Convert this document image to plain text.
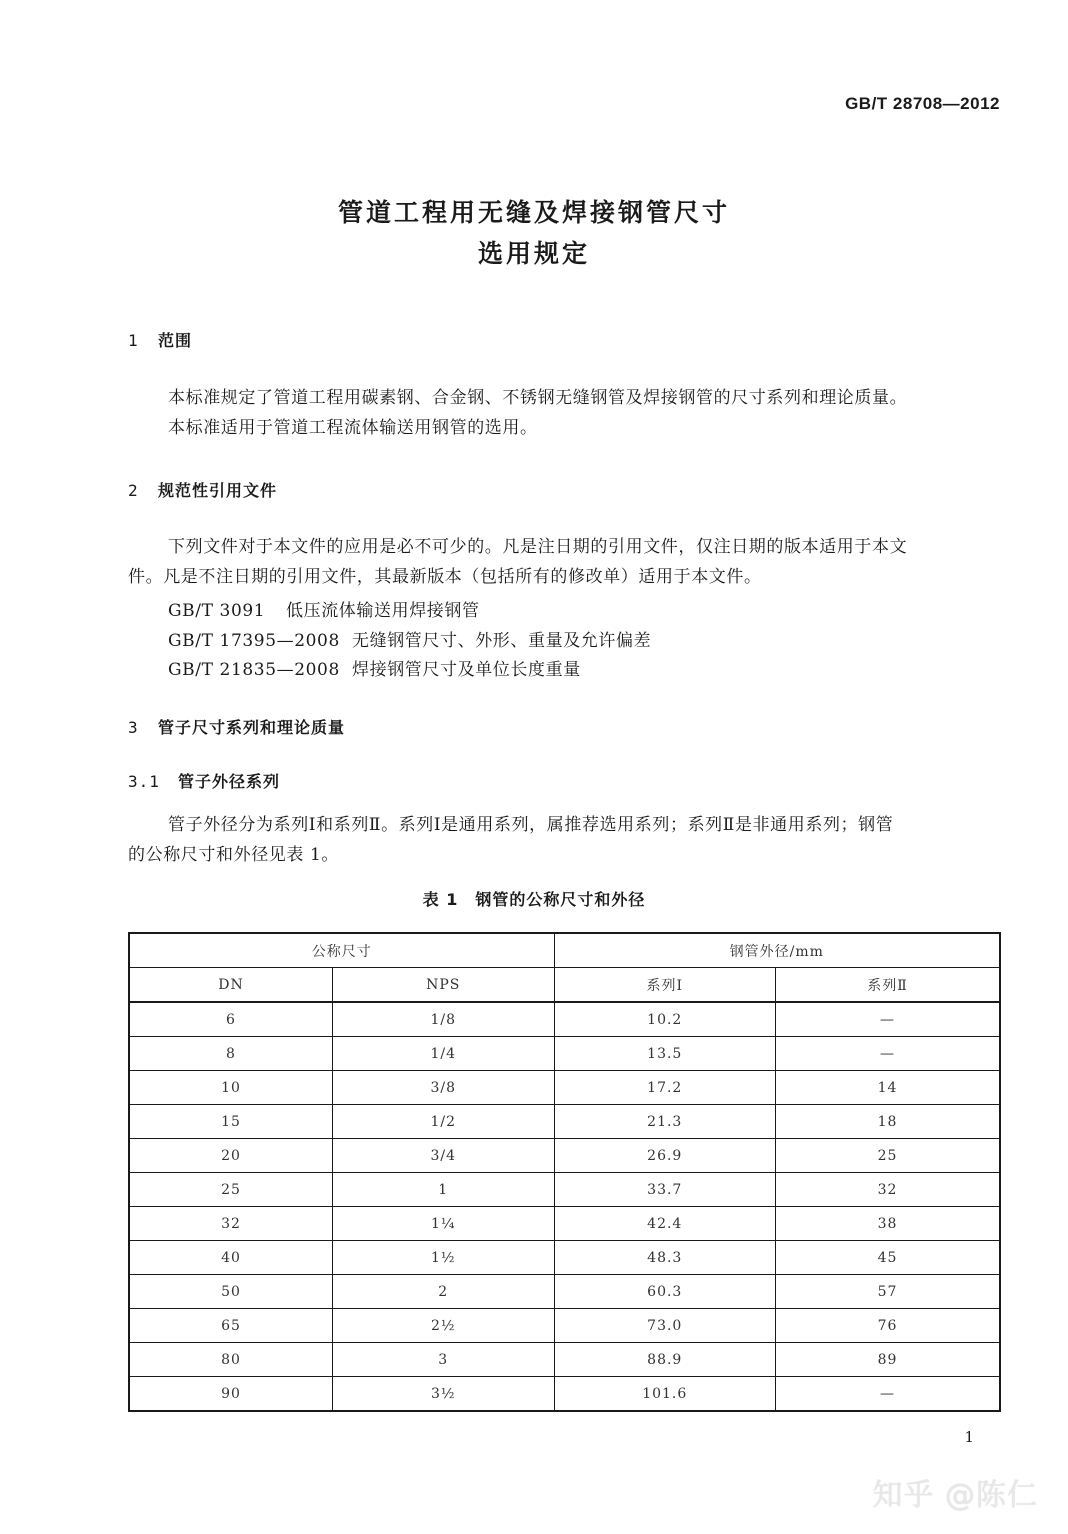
GB/T 28708—2012
管道工程用无缝及焊接钢管尺寸
选用规定
1 范围
本标准规定了管道工程用碳素钢、合金钢、不锈钢无缝钢管及焊接钢管的尺寸系列和理论质量。
本标准适用于管道工程流体输送用钢管的选用。
2 规范性引用文件
下列文件对于本文件的应用是必不可少的。凡是注日期的引用文件，仅注日期的版本适用于本文
件。凡是不注日期的引用文件，其最新版本（包括所有的修改单）适用于本文件。
GB/T 3091 低压流体输送用焊接钢管
GB/T 17395—2008 无缝钢管尺寸、外形、重量及允许偏差
GB/T 21835—2008 焊接钢管尺寸及单位长度重量
3 管子尺寸系列和理论质量
3.1 管子外径系列
管子外径分为系列Ⅰ和系列Ⅱ。系列Ⅰ是通用系列，属推荐选用系列；系列Ⅱ是非通用系列；钢管
的公称尺寸和外径见表 1。
表 1　钢管的公称尺寸和外径
公称尺寸		钢管外径/mm	
DN	NPS	系列Ⅰ	系列Ⅱ
6	1/8	10.2	—
8	1/4	13.5	—
10	3/8	17.2	14
15	1/2	21.3	18
20	3/4	26.9	25
25	1	33.7	32
32	1¼	42.4	38
40	1½	48.3	45
50	2	60.3	57
65	2½	73.0	76
80	3	88.9	89
90	3½	101.6	—
1
知乎 @陈仁
